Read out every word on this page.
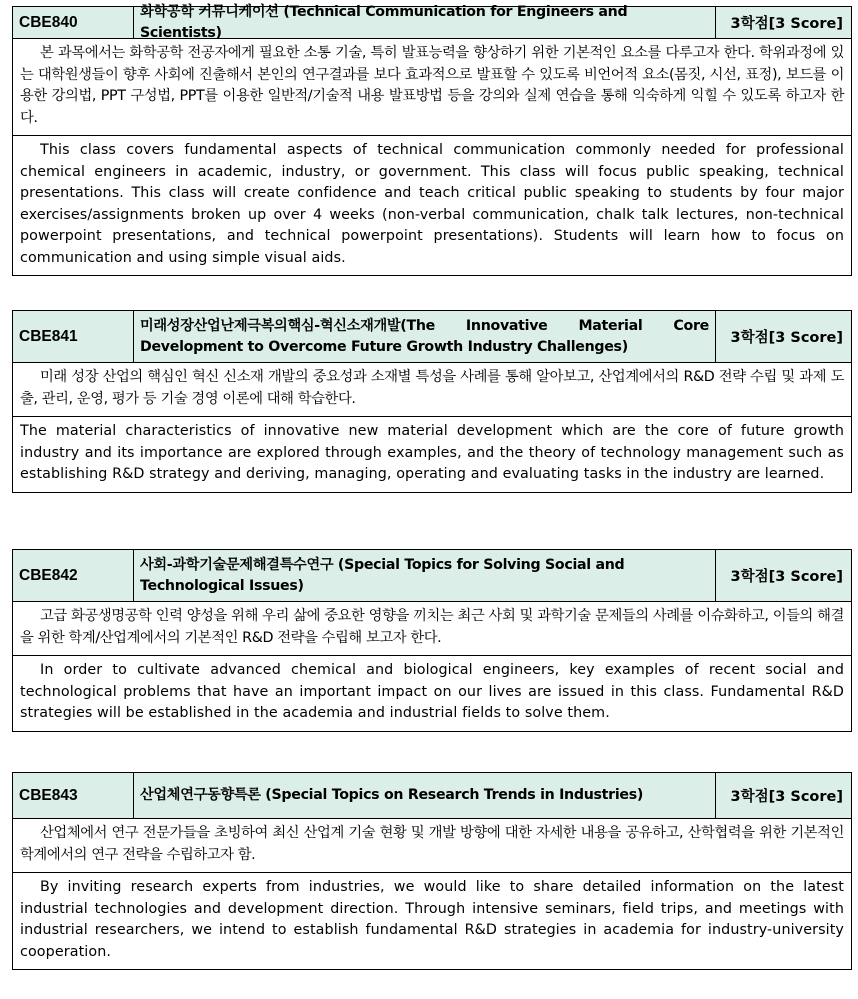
CBE840
화학공학 커뮤니케이션 (Technical Communication for Engineers and Scientists)
3학점[3 Score]
본 과목에서는 화학공학 전공자에게 필요한 소통 기술, 특히 발표능력을 향상하기 위한 기본적인 요소를 다루고자 한다. 학위과정에 있는 대학원생들이 향후 사회에 진출해서 본인의 연구결과를 보다 효과적으로 발표할 수 있도록 비언어적 요소(몸짓, 시선, 표정), 보드를 이용한 강의법, PPT 구성법, PPT를 이용한 일반적/기술적 내용 발표방법 등을 강의와 실제 연습을 통해 익숙하게 익힐 수 있도록 하고자 한다.
This class covers fundamental aspects of technical communication commonly needed for professional chemical engineers in academic, industry, or government. This class will focus public speaking, technical presentations. This class will create confidence and teach critical public speaking to students by four major exercises/assignments broken up over 4 weeks (non-verbal communication, chalk talk lectures, non-technical powerpoint presentations, and technical powerpoint presentations). Students will learn how to focus on communication and using simple visual aids.
CBE841
미래성장산업난제극복의핵심-혁신소재개발(The Innovative Material Core
Development to Overcome Future Growth Industry Challenges)
3학점[3 Score]
미래 성장 산업의 핵심인 혁신 신소재 개발의 중요성과 소재별 특성을 사례를 통해 알아보고, 산업계에서의 R&D 전략 수립 및 과제 도출, 관리, 운영, 평가 등 기술 경영 이론에 대해 학습한다.
The material characteristics of innovative new material development which are the core of future growth industry and its importance are explored through examples, and the theory of technology management such as establishing R&D strategy and deriving, managing, operating and evaluating tasks in the industry are learned.
CBE842
사회-과학기술문제해결특수연구 (Special Topics for Solving Social and
Technological Issues)
3학점[3 Score]
고급 화공생명공학 인력 양성을 위해 우리 삶에 중요한 영향을 끼치는 최근 사회 및 과학기술 문제들의 사례를 이슈화하고, 이들의 해결을 위한 학계/산업계에서의 기본적인 R&D 전략을 수립해 보고자 한다.
In order to cultivate advanced chemical and biological engineers, key examples of recent social and technological problems that have an important impact on our lives are issued in this class. Fundamental R&D strategies will be established in the academia and industrial fields to solve them.
CBE843	산업체연구동향특론 (Special Topics on Research Trends in Industries)	3학점[3 Score]
산업체에서 연구 전문가들을 초빙하여 최신 산업계 기술 현황 및 개발 방향에 대한 자세한 내용을 공유하고, 산학협력을 위한 기본적인 학계에서의 연구 전략을 수립하고자 함.
By inviting research experts from industries, we would like to share detailed information on the latest industrial technologies and development direction. Through intensive seminars, field trips, and meetings with industrial researchers, we intend to establish fundamental R&D strategies in academia for industry-university cooperation.
